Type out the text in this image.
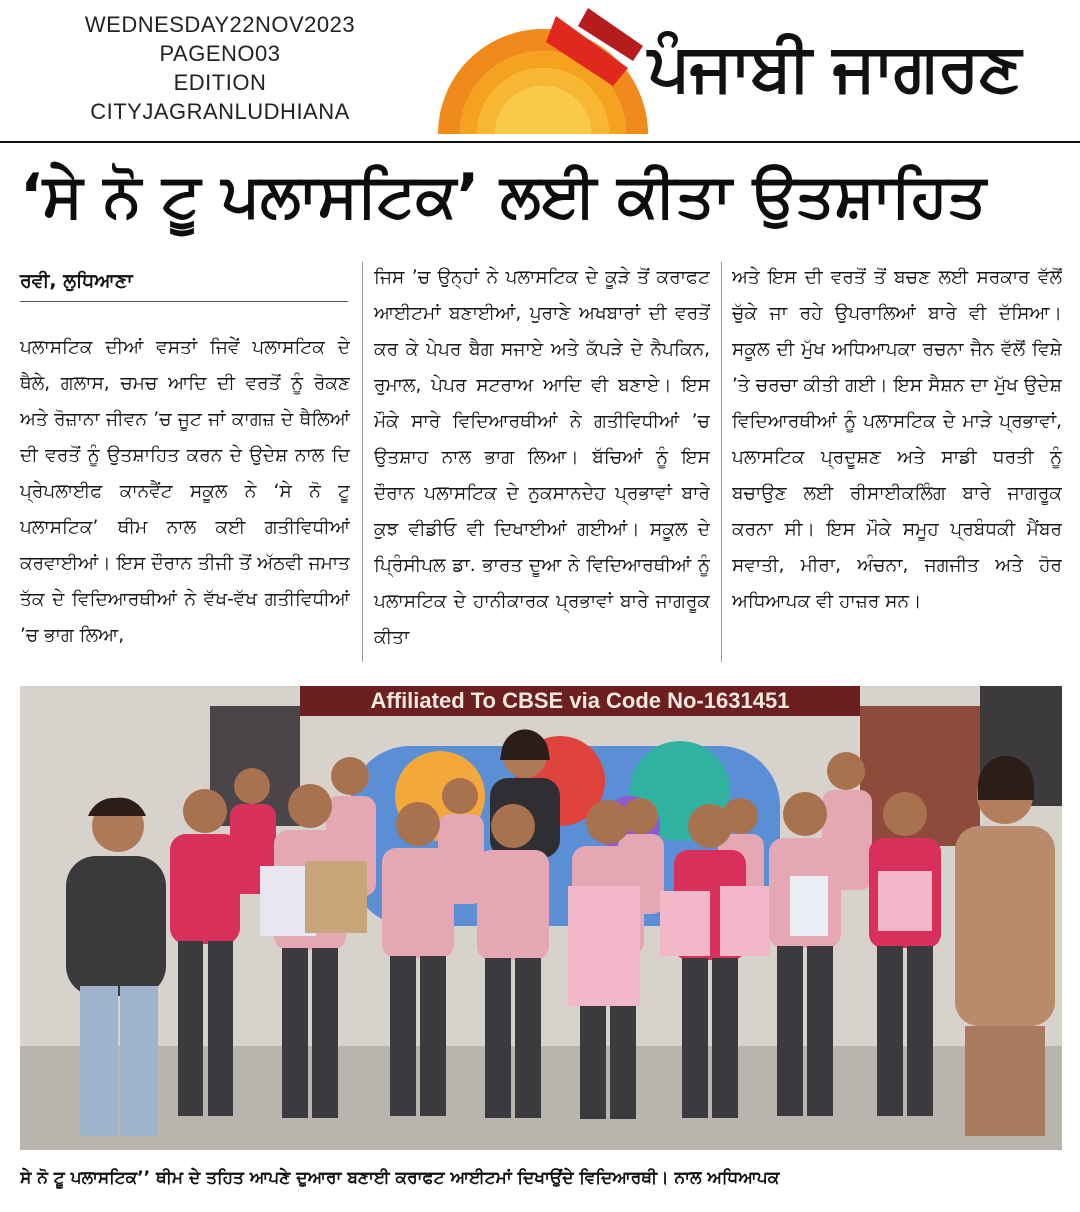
WEDNESDAY22NOV2023
PAGENO03
EDITION
CITYJAGRANLUDHIANA
ਪੰਜਾਬੀ ਜਾਗਰਣ
‘ਸੇ ਨੋ ਟੂ ਪਲਾਸਟਿਕ’ ਲਈ ਕੀਤਾ ਉਤਸ਼ਾਹਿਤ
ਰਵੀ, ਲੁਧਿਆਣਾ
ਪਲਾਸਟਿਕ ਦੀਆਂ ਵਸਤਾਂ ਜਿਵੇਂ ਪਲਾਸਟਿਕ ਦੇ ਥੈਲੇ, ਗਲਾਸ, ਚਮਚ ਆਦਿ ਦੀ ਵਰਤੋਂ ਨੂੰ ਰੋਕਣ ਅਤੇ ਰੋਜ਼ਾਨਾ ਜੀਵਨ ’ਚ ਜੂਟ ਜਾਂ ਕਾਗਜ਼ ਦੇ ਥੈਲਿਆਂ ਦੀ ਵਰਤੋਂ ਨੂੰ ਉਤਸ਼ਾਹਿਤ ਕਰਨ ਦੇ ਉਦੇਸ਼ ਨਾਲ ਦਿ ਪ੍ਰੇਪਲਾਈਫ ਕਾਨਵੈਂਟ ਸਕੂਲ ਨੇ ‘ਸੇ ਨੋ ਟੂ ਪਲਾਸਟਿਕ’ ਥੀਮ ਨਾਲ ਕਈ ਗਤੀਵਿਧੀਆਂ ਕਰਵਾਈਆਂ। ਇਸ ਦੌਰਾਨ ਤੀਜੀ ਤੋਂ ਅੱਠਵੀ ਜਮਾਤ ਤੱਕ ਦੇ ਵਿਦਿਆਰਥੀਆਂ ਨੇ ਵੱਖ-ਵੱਖ ਗਤੀਵਿਧੀਆਂ ’ਚ ਭਾਗ ਲਿਆ,
ਜਿਸ ’ਚ ਉਨ੍ਹਾਂ ਨੇ ਪਲਾਸਟਿਕ ਦੇ ਕੂੜੇ ਤੋਂ ਕਰਾਫਟ ਆਈਟਮਾਂ ਬਣਾਈਆਂ, ਪੁਰਾਣੇ ਅਖਬਾਰਾਂ ਦੀ ਵਰਤੋਂ ਕਰ ਕੇ ਪੇਪਰ ਬੈਗ ਸਜਾਏ ਅਤੇ ਕੱਪੜੇ ਦੇ ਨੈਪਕਿਨ, ਰੁਮਾਲ, ਪੇਪਰ ਸਟਰਾਅ ਆਦਿ ਵੀ ਬਣਾਏ। ਇਸ ਮੌਕੇ ਸਾਰੇ ਵਿਦਿਆਰਥੀਆਂ ਨੇ ਗਤੀਵਿਧੀਆਂ ’ਚ ਉਤਸ਼ਾਹ ਨਾਲ ਭਾਗ ਲਿਆ। ਬੱਚਿਆਂ ਨੂੰ ਇਸ ਦੌਰਾਨ ਪਲਾਸਟਿਕ ਦੇ ਨੁਕਸਾਨਦੇਹ ਪ੍ਰਭਾਵਾਂ ਬਾਰੇ ਕੁਝ ਵੀਡੀਓ ਵੀ ਦਿਖਾਈਆਂ ਗਈਆਂ। ਸਕੂਲ ਦੇ ਪ੍ਰਿੰਸੀਪਲ ਡਾ. ਭਾਰਤ ਦੂਆ ਨੇ ਵਿਦਿਆਰਥੀਆਂ ਨੂੰ ਪਲਾਸਟਿਕ ਦੇ ਹਾਨੀਕਾਰਕ ਪ੍ਰਭਾਵਾਂ ਬਾਰੇ ਜਾਗਰੂਕ ਕੀਤਾ
ਅਤੇ ਇਸ ਦੀ ਵਰਤੋਂ ਤੋਂ ਬਚਣ ਲਈ ਸਰਕਾਰ ਵੱਲੋਂ ਚੁੱਕੇ ਜਾ ਰਹੇ ਉਪਰਾਲਿਆਂ ਬਾਰੇ ਵੀ ਦੱਸਿਆ। ਸਕੂਲ ਦੀ ਮੁੱਖ ਅਧਿਆਪਕਾ ਰਚਨਾ ਜੈਨ ਵੱਲੋਂ ਵਿਸ਼ੇ ’ਤੇ ਚਰਚਾ ਕੀਤੀ ਗਈ। ਇਸ ਸੈਸ਼ਨ ਦਾ ਮੁੱਖ ਉਦੇਸ਼ ਵਿਦਿਆਰਥੀਆਂ ਨੂੰ ਪਲਾਸਟਿਕ ਦੇ ਮਾੜੇ ਪ੍ਰਭਾਵਾਂ, ਪਲਾਸਟਿਕ ਪ੍ਰਦੂਸ਼ਣ ਅਤੇ ਸਾਡੀ ਧਰਤੀ ਨੂੰ ਬਚਾਉਣ ਲਈ ਰੀਸਾਈਕਲਿੰਗ ਬਾਰੇ ਜਾਗਰੂਕ ਕਰਨਾ ਸੀ। ਇਸ ਮੌਕੇ ਸਮੂਹ ਪ੍ਰਬੰਧਕੀ ਮੈਂਬਰ ਸਵਾਤੀ, ਮੀਰਾ, ਅੰਚਨਾ, ਜਗਜੀਤ ਅਤੇ ਹੋਰ ਅਧਿਆਪਕ ਵੀ ਹਾਜ਼ਰ ਸਨ।
Affiliated To CBSE via Code No-1631451
ਸੇ ਨੋ ਟੂ ਪਲਾਸਟਿਕ’’ ਥੀਮ ਦੇ ਤਹਿਤ ਆਪਣੇ ਦੁਆਰਾ ਬਣਾਈ ਕਰਾਫਟ ਆਈਟਮਾਂ ਦਿਖਾਉਂਦੇ ਵਿਦਿਆਰਥੀ। ਨਾਲ ਅਧਿਆਪਕ
